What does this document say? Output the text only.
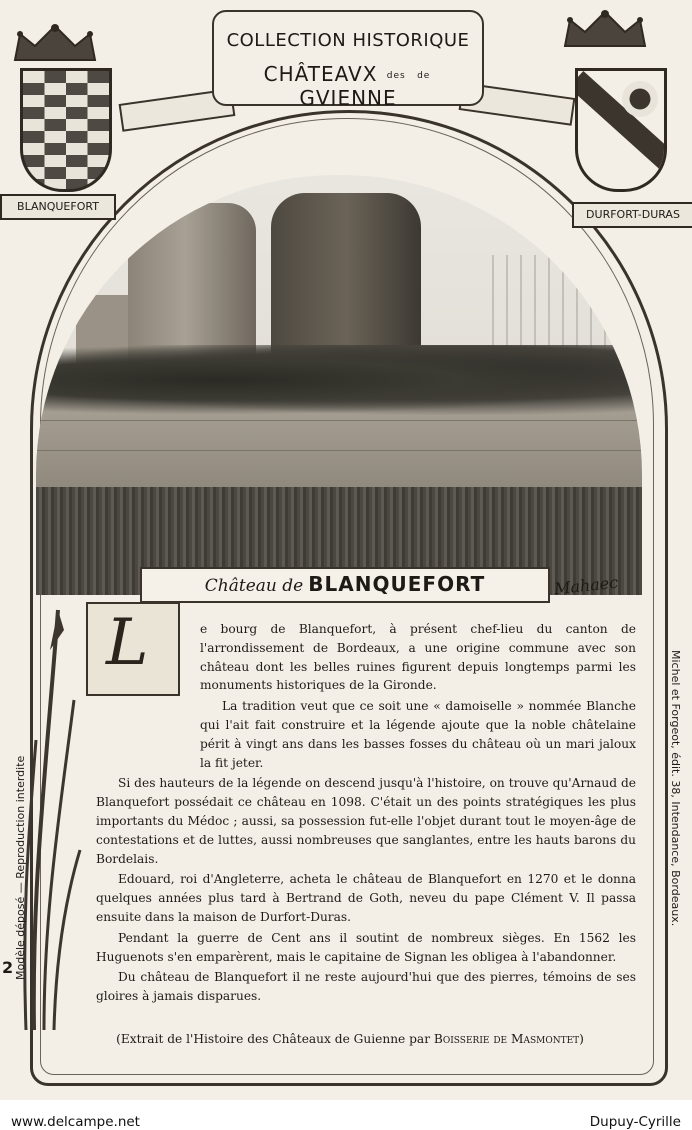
COLLECTION HISTORIQUE
CHÂTEAVX des de GVIENNE
BLANQUEFORT
DURFORT-DURAS
Château de BLANQUEFORT	Mahaec
L	e bourg de Blanquefort, à présent chef-lieu du canton de l'arrondissement de Bordeaux, a une origine commune avec son château dont les belles ruines figurent depuis longtemps parmi les monuments historiques de la Gironde.

La tradition veut que ce soit une « damoiselle » nommée Blanche qui l'ait fait construire et la légende ajoute que la noble châtelaine périt à vingt ans dans les basses fosses du château où un mari jaloux la fit jeter.

Si des hauteurs de la légende on descend jusqu'à l'histoire, on trouve qu'Arnaud de Blanquefort possédait ce château en 1098. C'était un des points stratégiques les plus importants du Médoc ; aussi, sa possession fut-elle l'objet durant tout le moyen-âge de contestations et de luttes, aussi nombreuses que sanglantes, entre les hauts barons du Bordelais.

Edouard, roi d'Angleterre, acheta le château de Blanquefort en 1270 et le donna quelques années plus tard à Bertrand de Goth, neveu du pape Clément V. Il passa ensuite dans la maison de Durfort-Duras.

Pendant la guerre de Cent ans il soutint de nombreux sièges. En 1562 les Huguenots s'en emparèrent, mais le capitaine de Signan les obligea à l'abandonner.

Du château de Blanquefort il ne reste aujourd'hui que des pierres, témoins de ses gloires à jamais disparues.

(Extrait de l'Histoire des Châteaux de Guienne par Boisserie de Masmontet)
Modèle déposé — Reproduction interdite
2
Michel et Forgeot, édit. 38, Intendance, Bordeaux.
www.delcampe.net	Dupuy-Cyrille
